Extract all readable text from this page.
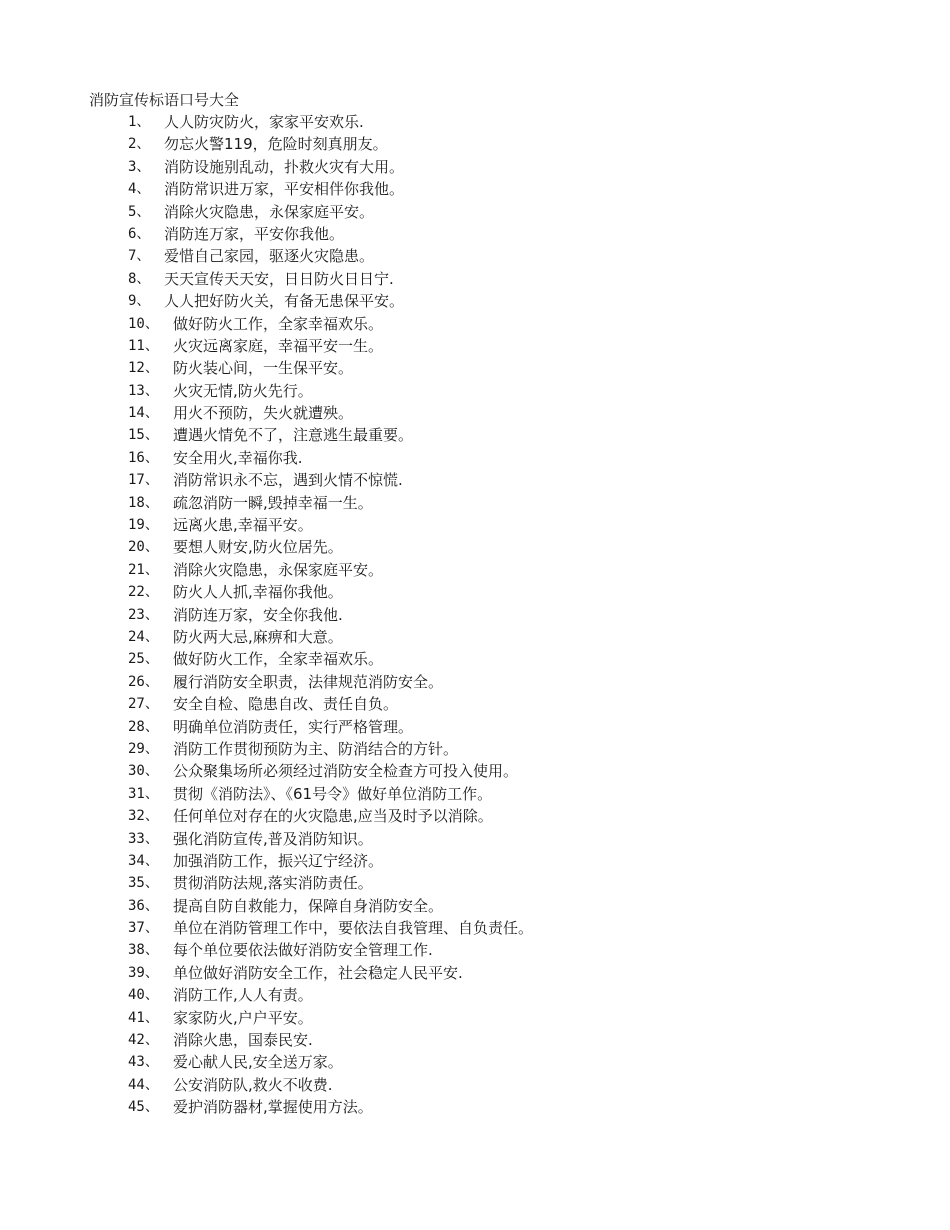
消防宣传标语口号大全
1、 人人防灾防火，家家平安欢乐.
2、 勿忘火警119，危险时刻真朋友。
3、 消防设施别乱动，扑救火灾有大用。
4、 消防常识进万家，平安相伴你我他。
5、 消除火灾隐患，永保家庭平安。
6、 消防连万家，平安你我他。
7、 爱惜自己家园，驱逐火灾隐患。
8、 天天宣传天天安，日日防火日日宁.
9、 人人把好防火关，有备无患保平安。
10、 做好防火工作，全家幸福欢乐。
11、 火灾远离家庭，幸福平安一生。
12、 防火装心间，一生保平安。
13、 火灾无情,防火先行。
14、 用火不预防，失火就遭殃。
15、 遭遇火情免不了，注意逃生最重要。
16、 安全用火,幸福你我.
17、 消防常识永不忘，遇到火情不惊慌.
18、 疏忽消防一瞬,毁掉幸福一生。
19、 远离火患,幸福平安。
20、 要想人财安,防火位居先。
21、 消除火灾隐患，永保家庭平安。
22、 防火人人抓,幸福你我他。
23、 消防连万家，安全你我他.
24、 防火两大忌,麻痹和大意。
25、 做好防火工作，全家幸福欢乐。
26、 履行消防安全职责，法律规范消防安全。
27、 安全自检、隐患自改、责任自负。
28、 明确单位消防责任，实行严格管理。
29、 消防工作贯彻预防为主、防消结合的方针。
30、 公众聚集场所必须经过消防安全检查方可投入使用。
31、 贯彻《消防法》、《61号令》做好单位消防工作。
32、 任何单位对存在的火灾隐患,应当及时予以消除。
33、 强化消防宣传,普及消防知识。
34、 加强消防工作，振兴辽宁经济。
35、 贯彻消防法规,落实消防责任。
36、 提高自防自救能力，保障自身消防安全。
37、 单位在消防管理工作中，要依法自我管理、自负责任。
38、 每个单位要依法做好消防安全管理工作.
39、 单位做好消防安全工作，社会稳定人民平安.
40、 消防工作,人人有责。
41、 家家防火,户户平安。
42、 消除火患，国泰民安.
43、 爱心献人民,安全送万家。
44、 公安消防队,救火不收费.
45、 爱护消防器材,掌握使用方法。
